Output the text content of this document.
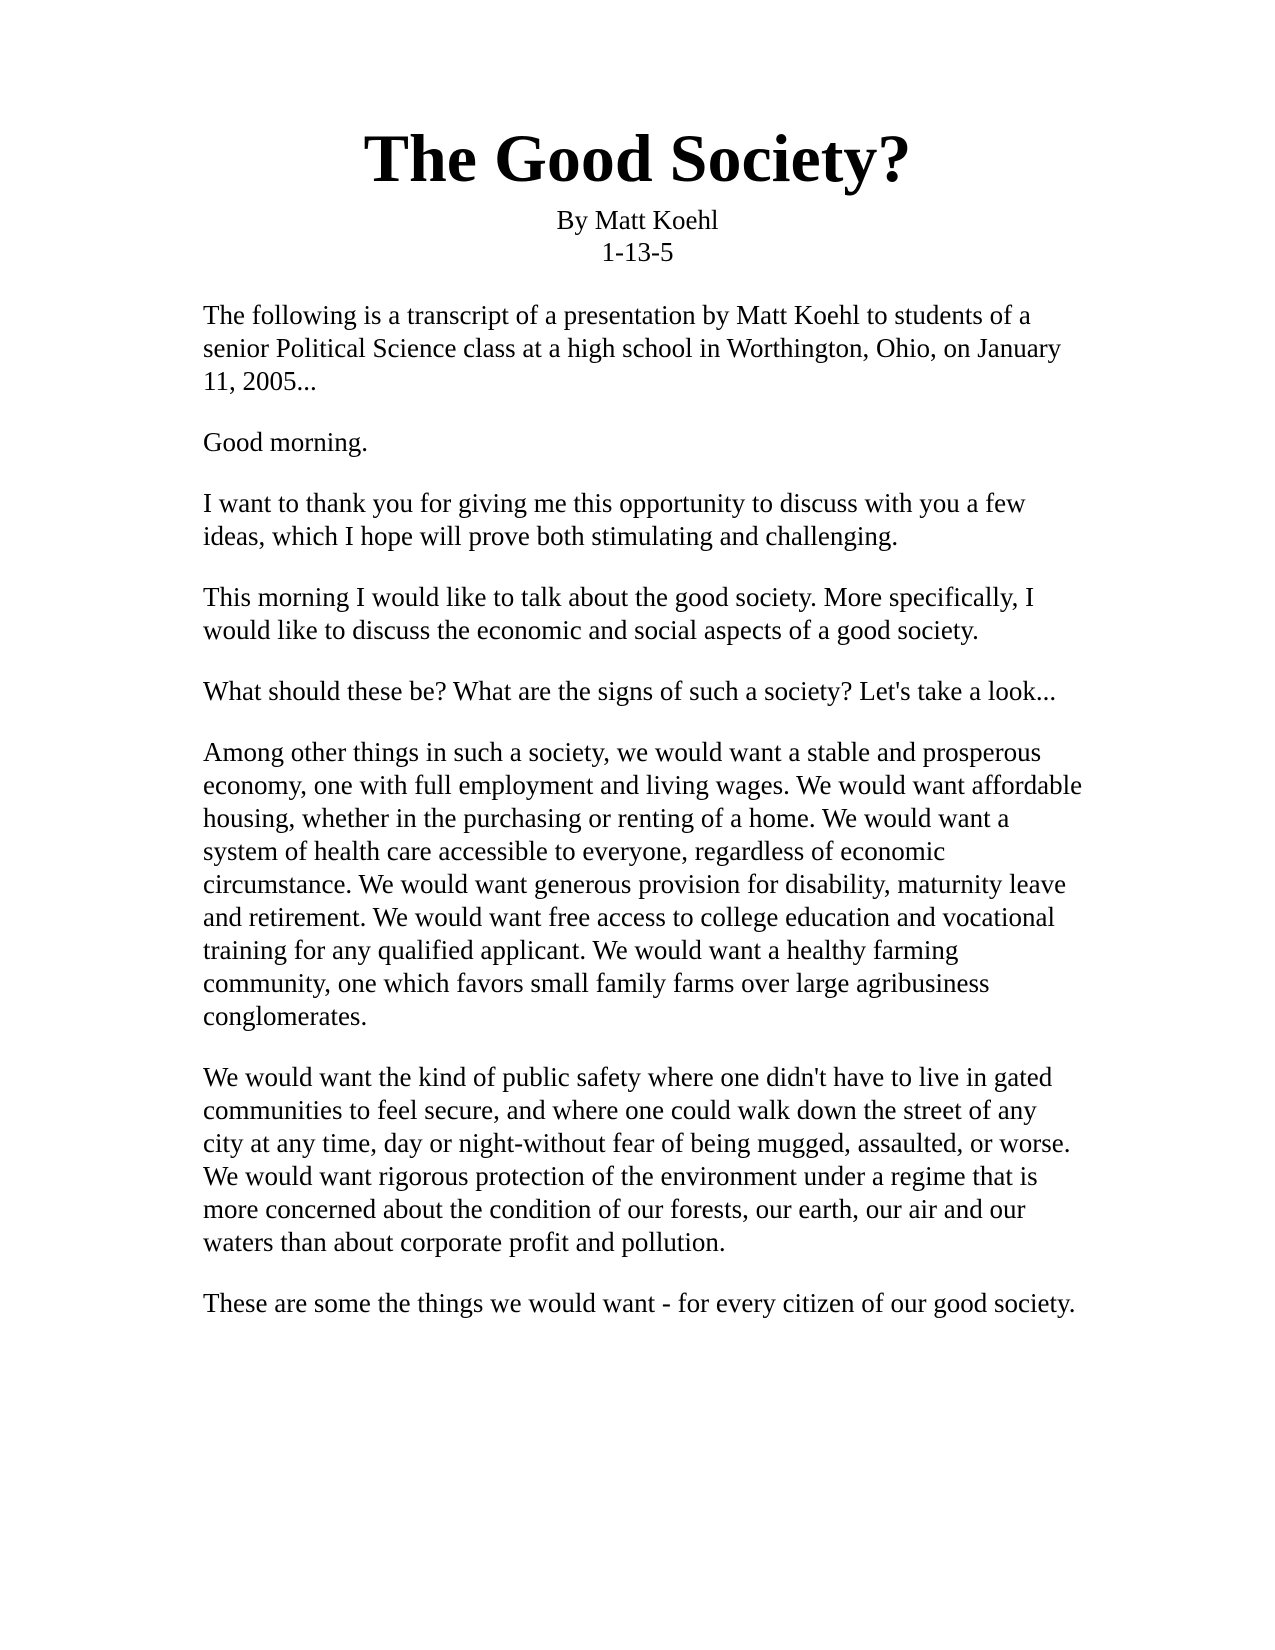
The Good Society?
By Matt Koehl
1-13-5

The following is a transcript of a presentation by Matt Koehl to students of a senior Political Science class at a high school in Worthington, Ohio, on January 11, 2005...

Good morning.

I want to thank you for giving me this opportunity to discuss with you a few ideas, which I hope will prove both stimulating and challenging.

This morning I would like to talk about the good society. More specifically, I would like to discuss the economic and social aspects of a good society.

What should these be? What are the signs of such a society? Let's take a look...

Among other things in such a society, we would want a stable and prosperous economy, one with full employment and living wages. We would want affordable housing, whether in the purchasing or renting of a home. We would want a system of health care accessible to everyone, regardless of economic circumstance. We would want generous provision for disability, maturnity leave and retirement. We would want free access to college education and vocational training for any qualified applicant. We would want a healthy farming community, one which favors small family farms over large agribusiness conglomerates.

We would want the kind of public safety where one didn't have to live in gated communities to feel secure, and where one could walk down the street of any city at any time, day or night-without fear of being mugged, assaulted, or worse. We would want rigorous protection of the environment under a regime that is more concerned about the condition of our forests, our earth, our air and our waters than about corporate profit and pollution.

These are some the things we would want - for every citizen of our good society.
